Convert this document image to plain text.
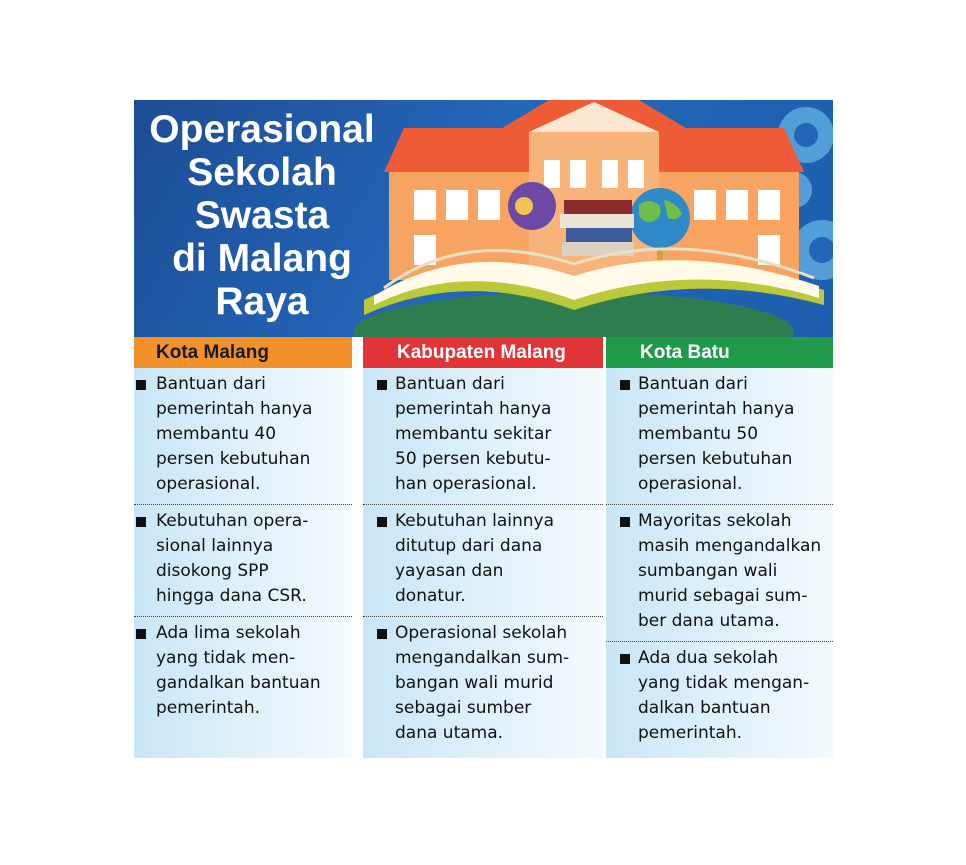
Operasional
Sekolah
Swasta
di Malang
Raya
Kota Malang
Bantuan dari
pemerintah hanya
membantu 40
persen kebutuhan
operasional.
Kebutuhan opera-
sional lainnya
disokong SPP
hingga dana CSR.
Ada lima sekolah
yang tidak men-
gandalkan bantuan
pemerintah.
Kabupaten Malang
Bantuan dari
pemerintah hanya
membantu sekitar
50 persen kebutu-
han operasional.
Kebutuhan lainnya
ditutup dari dana
yayasan dan
donatur.
Operasional sekolah
mengandalkan sum-
bangan wali murid
sebagai sumber
dana utama.
Kota Batu
Bantuan dari
pemerintah hanya
membantu 50
persen kebutuhan
operasional.
Mayoritas sekolah
masih mengandalkan
sumbangan wali
murid sebagai sum-
ber dana utama.
Ada dua sekolah
yang tidak mengan-
dalkan bantuan
pemerintah.
